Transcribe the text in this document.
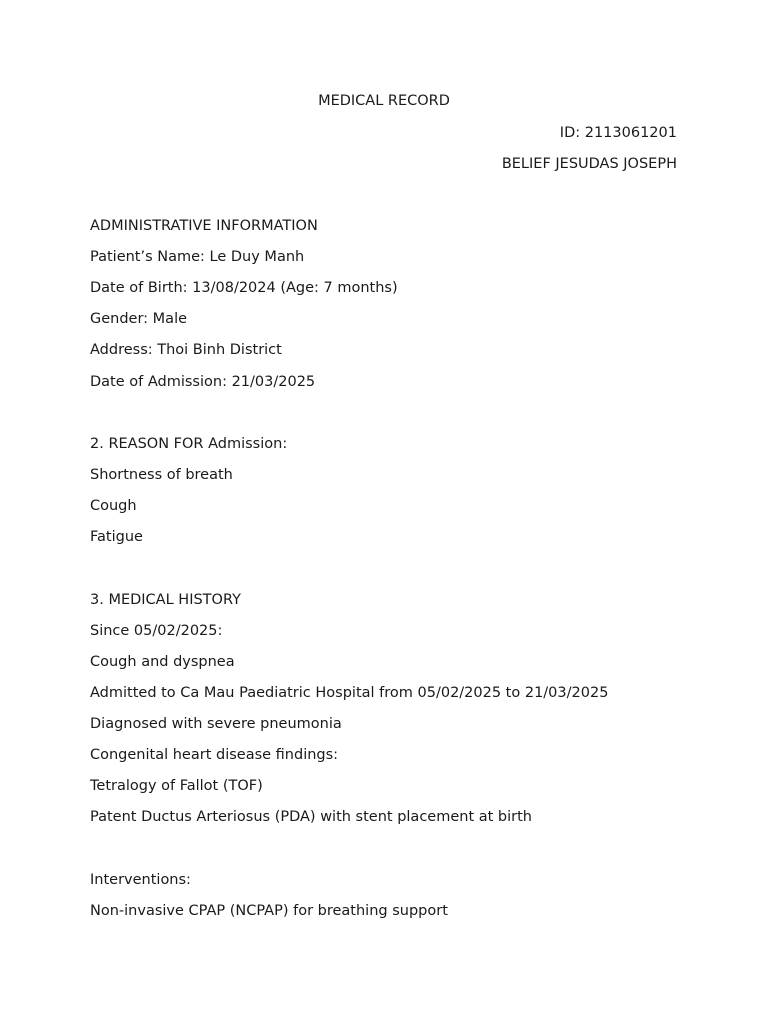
MEDICAL RECORD
ID: 2113061201
BELIEF JESUDAS JOSEPH
ADMINISTRATIVE INFORMATION
Patient’s Name: Le Duy Manh
Date of Birth: 13/08/2024 (Age: 7 months)
Gender: Male
Address: Thoi Binh District
Date of Admission: 21/03/2025
2. REASON FOR Admission:
Shortness of breath
Cough
Fatigue
3. MEDICAL HISTORY
Since 05/02/2025:
Cough and dyspnea
Admitted to Ca Mau Paediatric Hospital from 05/02/2025 to 21/03/2025
Diagnosed with severe pneumonia
Congenital heart disease findings:
Tetralogy of Fallot (TOF)
Patent Ductus Arteriosus (PDA) with stent placement at birth
Interventions:
Non-invasive CPAP (NCPAP) for breathing support
